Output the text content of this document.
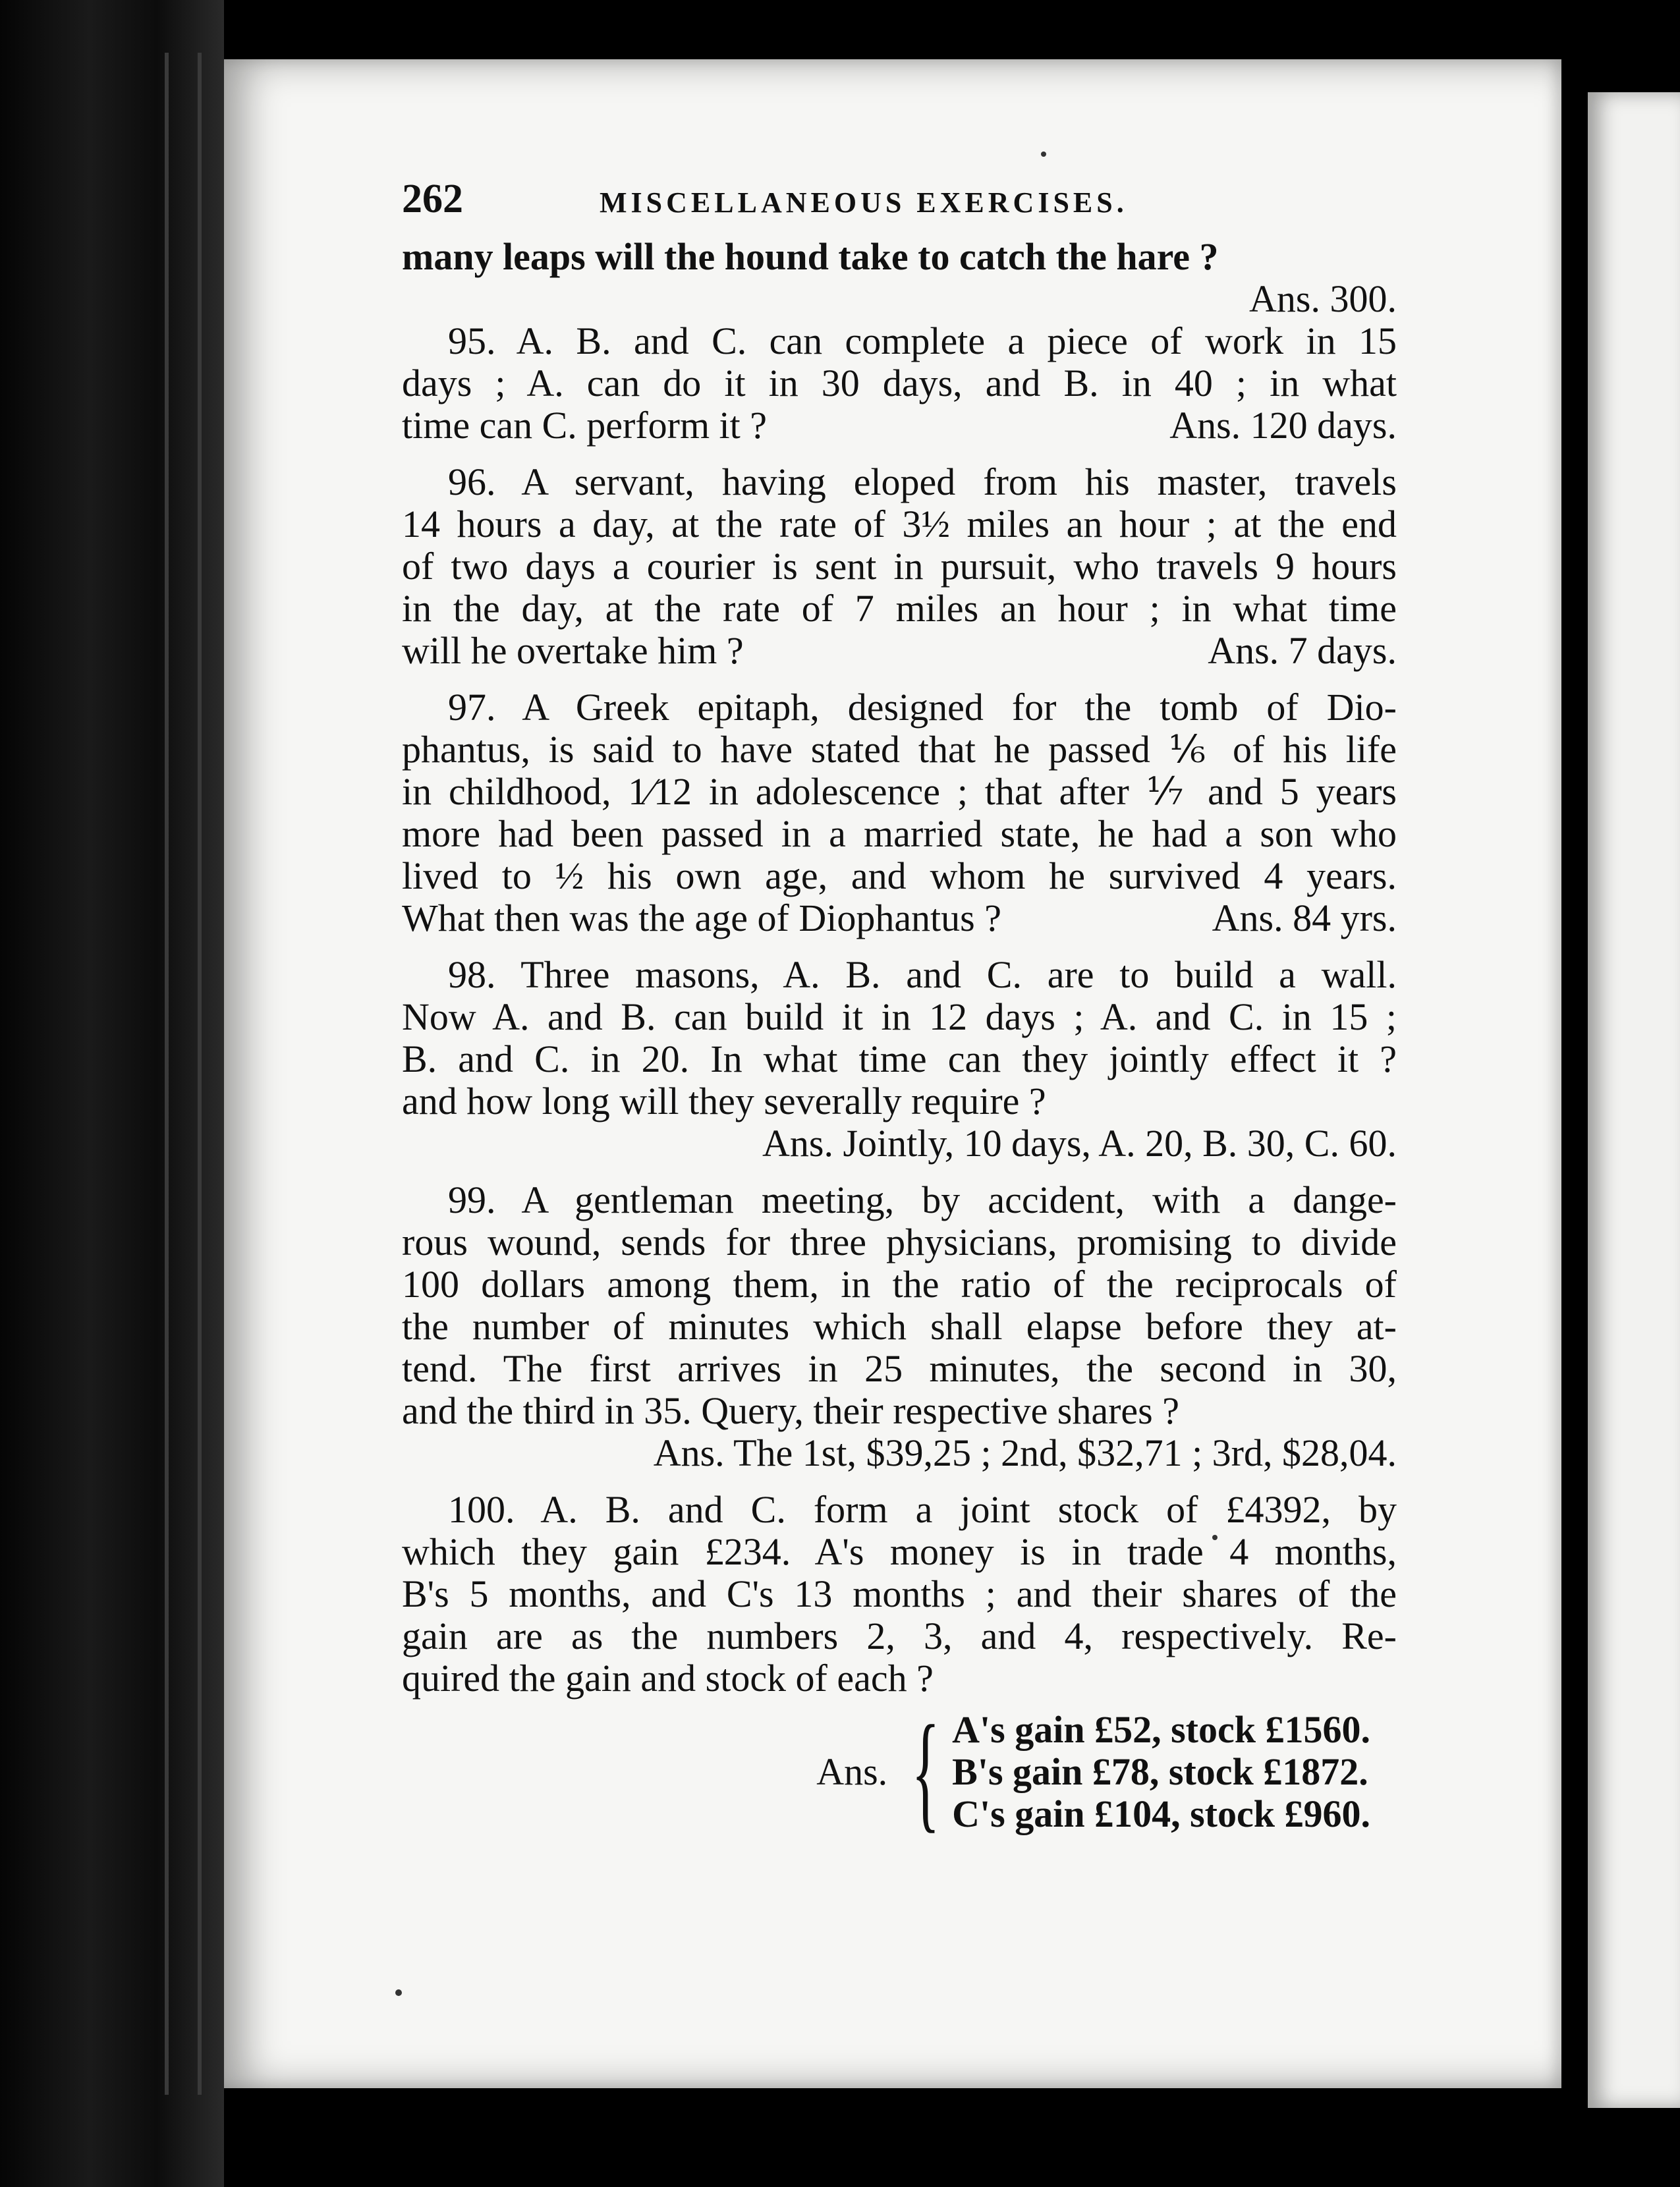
262	MISCELLANEOUS EXERCISES.
many leaps will the hound take to catch the hare ?
Ans. 300.
95. A. B. and C. can complete a piece of work in 15
days ; A. can do it in 30 days, and B. in 40 ; in what
time can C. perform it ?	Ans. 120 days.
96. A servant, having eloped from his master, travels
14 hours a day, at the rate of 3½ miles an hour ; at the end
of two days a courier is sent in pursuit, who travels 9 hours
in the day, at the rate of 7 miles an hour ; in what time
will he overtake him ?	Ans. 7 days.
97. A Greek epitaph, designed for the tomb of Dio-
phantus, is said to have stated that he passed ⅙ of his life
in childhood, 1⁄12 in adolescence ; that after ⅐ and 5 years
more had been passed in a married state, he had a son who
lived to ½ his own age, and whom he survived 4 years.
What then was the age of Diophantus ?	Ans. 84 yrs.
98. Three masons, A. B. and C. are to build a wall.
Now A. and B. can build it in 12 days ; A. and C. in 15 ;
B. and C. in 20. In what time can they jointly effect it ?
and how long will they severally require ?
Ans. Jointly, 10 days, A. 20, B. 30, C. 60.
99. A gentleman meeting, by accident, with a dange-
rous wound, sends for three physicians, promising to divide
100 dollars among them, in the ratio of the reciprocals of
the number of minutes which shall elapse before they at-
tend. The first arrives in 25 minutes, the second in 30,
and the third in 35. Query, their respective shares ?
Ans. The 1st, $39,25 ; 2nd, $32,71 ; 3rd, $28,04.
100. A. B. and C. form a joint stock of £4392, by
which they gain £234. A's money is in trade 4 months,
B's 5 months, and C's 13 months ; and their shares of the
gain are as the numbers 2, 3, and 4, respectively. Re-
quired the gain and stock of each ?
Ans. { A's gain £52, stock £1560.
B's gain £78, stock £1872.
C's gain £104, stock £960.
